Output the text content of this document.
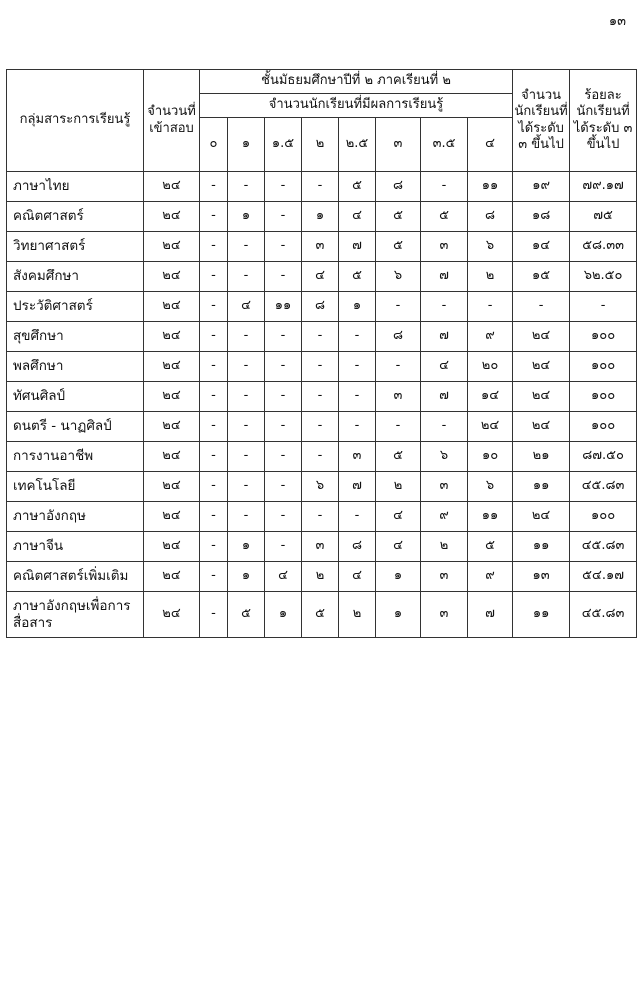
๑๓
กลุ่มสาระการเรียนรู้	จำนวนที่เข้าสอบ	ชั้นมัธยมศึกษาปีที่ ๒ ภาคเรียนที่ ๒								จำนวนนักเรียนที่ได้ระดับ ๓ ขึ้นไป	ร้อยละนักเรียนที่ได้ระดับ ๓ ขึ้นไป
		จำนวนนักเรียนที่มีผลการเรียนรู้									
		๐	๑	๑.๕	๒	๒.๕	๓	๓.๕	๔		
ภาษาไทย	๒๔	-	-	-	-	๕	๘	-	๑๑	๑๙	๗๙.๑๗
คณิตศาสตร์	๒๔	-	๑	-	๑	๔	๕	๕	๘	๑๘	๗๕
วิทยาศาสตร์	๒๔	-	-	-	๓	๗	๕	๓	๖	๑๔	๕๘.๓๓
สังคมศึกษา	๒๔	-	-	-	๔	๕	๖	๗	๒	๑๕	๖๒.๕๐
ประวัติศาสตร์	๒๔	-	๔	๑๑	๘	๑	-	-	-	-	-
สุขศึกษา	๒๔	-	-	-	-	-	๘	๗	๙	๒๔	๑๐๐
พลศึกษา	๒๔	-	-	-	-	-	-	๔	๒๐	๒๔	๑๐๐
ทัศนศิลป์	๒๔	-	-	-	-	-	๓	๗	๑๔	๒๔	๑๐๐
ดนตรี - นาฏศิลป์	๒๔	-	-	-	-	-	-	-	๒๔	๒๔	๑๐๐
การงานอาชีพ	๒๔	-	-	-	-	๓	๕	๖	๑๐	๒๑	๘๗.๕๐
เทคโนโลยี	๒๔	-	-	-	๖	๗	๒	๓	๖	๑๑	๔๕.๘๓
ภาษาอังกฤษ	๒๔	-	-	-	-	-	๔	๙	๑๑	๒๔	๑๐๐
ภาษาจีน	๒๔	-	๑	-	๓	๘	๔	๒	๕	๑๑	๔๕.๘๓
คณิตศาสตร์เพิ่มเติม	๒๔	-	๑	๔	๒	๔	๑	๓	๙	๑๓	๕๔.๑๗
ภาษาอังกฤษเพื่อการสื่อสาร	๒๔	-	๕	๑	๕	๒	๑	๓	๗	๑๑	๔๕.๘๓
